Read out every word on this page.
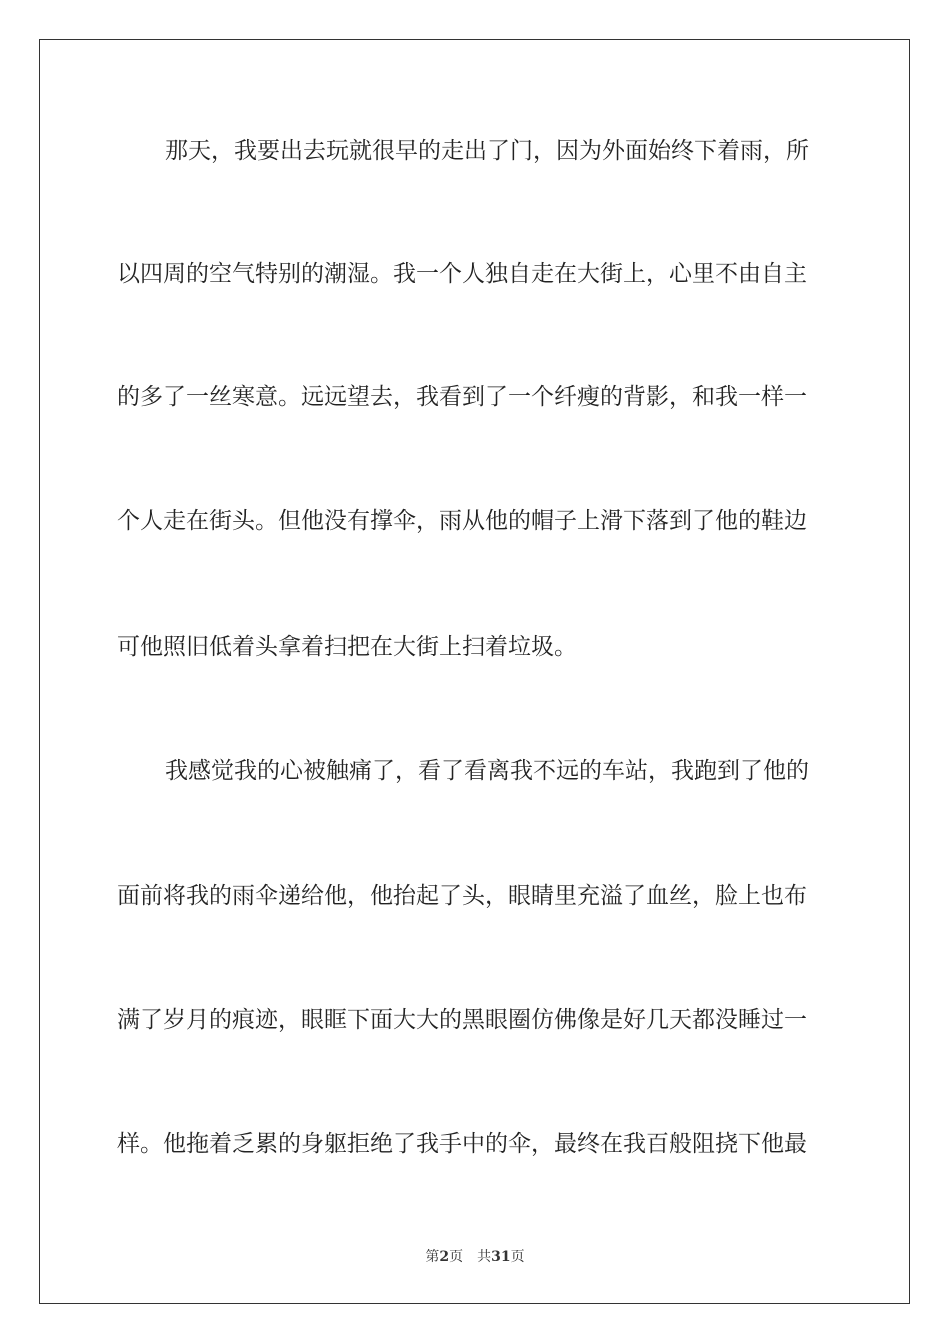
那天，我要出去玩就很早的走出了门，因为外面始终下着雨，所
以四周的空气特别的潮湿。我一个人独自走在大街上，心里不由自主
的多了一丝寒意。远远望去，我看到了一个纤瘦的背影，和我一样一
个人走在街头。但他没有撑伞，雨从他的帽子上滑下落到了他的鞋边
可他照旧低着头拿着扫把在大街上扫着垃圾。
我感觉我的心被触痛了，看了看离我不远的车站，我跑到了他的
面前将我的雨伞递给他，他抬起了头，眼睛里充溢了血丝，脸上也布
满了岁月的痕迹，眼眶下面大大的黑眼圈仿佛像是好几天都没睡过一
样。他拖着乏累的身躯拒绝了我手中的伞，最终在我百般阻挠下他最
第2页 共31页
